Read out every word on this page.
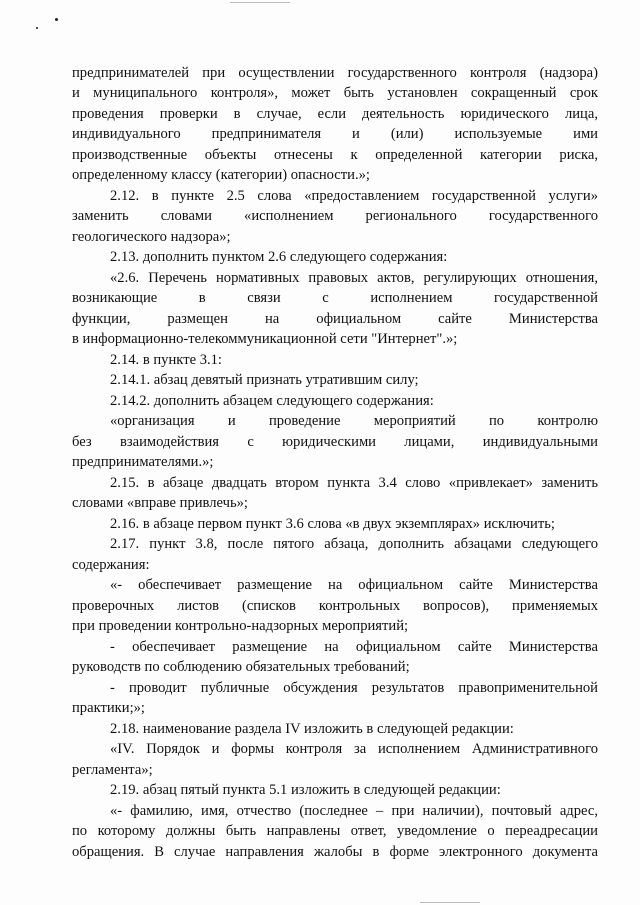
предпринимателей при осуществлении государственного контроля (надзора)
и муниципального контроля», может быть установлен сокращенный срок
проведения проверки в случае, если деятельность юридического лица,
индивидуального предпринимателя и (или) используемые ими
производственные объекты отнесены к определенной категории риска,
определенному классу (категории) опасности.»;
2.12. в пункте 2.5 слова «предоставлением государственной услуги»
заменить словами «исполнением регионального государственного
геологического надзора»;
2.13. дополнить пунктом 2.6 следующего содержания:
«2.6. Перечень нормативных правовых актов, регулирующих отношения,
возникающие в связи с исполнением государственной
функции, размещен на официальном сайте Министерства
в информационно-телекоммуникационной сети "Интернет".»;
2.14. в пункте 3.1:
2.14.1. абзац девятый признать утратившим силу;
2.14.2. дополнить абзацем следующего содержания:
«организация и проведение мероприятий по контролю
без взаимодействия с юридическими лицами, индивидуальными
предпринимателями.»;
2.15. в абзаце двадцать втором пункта 3.4 слово «привлекает» заменить
словами «вправе привлечь»;
2.16. в абзаце первом пункт 3.6 слова «в двух экземплярах» исключить;
2.17. пункт 3.8, после пятого абзаца, дополнить абзацами следующего
содержания:
«- обеспечивает размещение на официальном сайте Министерства
проверочных листов (списков контрольных вопросов), применяемых
при проведении контрольно-надзорных мероприятий;
- обеспечивает размещение на официальном сайте Министерства
руководств по соблюдению обязательных требований;
- проводит публичные обсуждения результатов правоприменительной
практики;»;
2.18. наименование раздела IV изложить в следующей редакции:
«IV. Порядок и формы контроля за исполнением Административного
регламента»;
2.19. абзац пятый пункта 5.1 изложить в следующей редакции:
«- фамилию, имя, отчество (последнее – при наличии), почтовый адрес,
по которому должны быть направлены ответ, уведомление о переадресации
обращения. В случае направления жалобы в форме электронного документа
